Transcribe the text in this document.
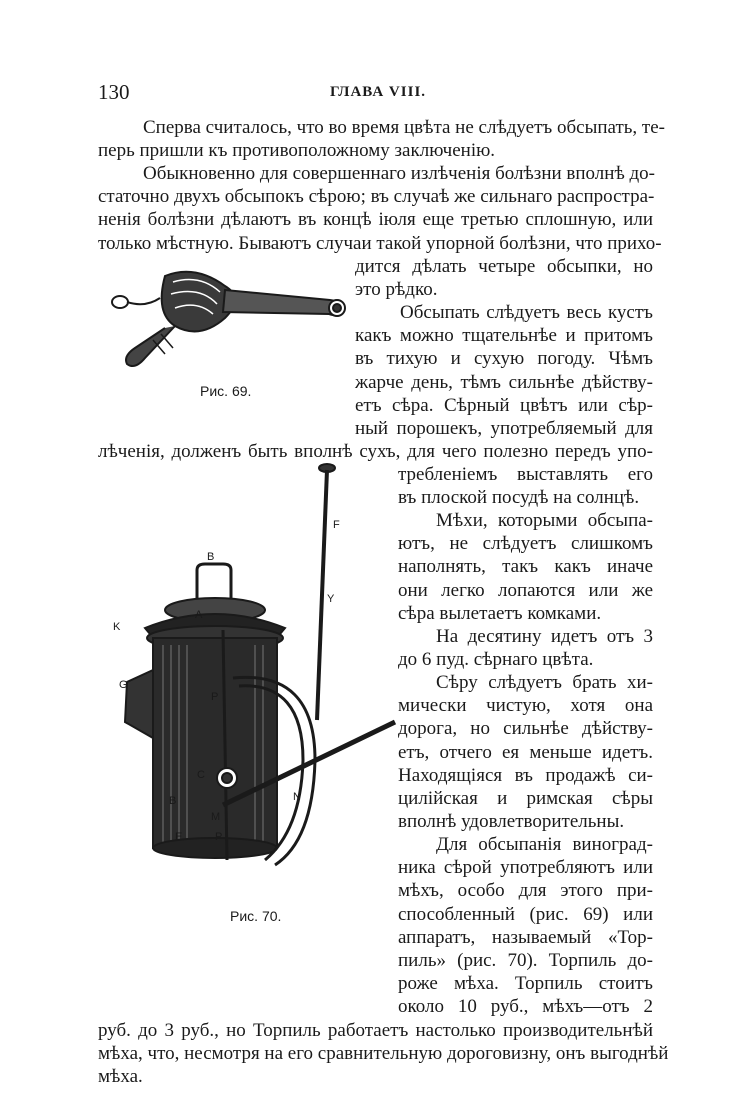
130	ГЛАВА VIII.
Сперва считалось, что во время цвѣта не слѣдуетъ обсыпать, те-
перь пришли къ противоположному заключенію.
Обыкновенно для совершеннаго излѣченія болѣзни вполнѣ до-
статочно двухъ обсыпокъ сѣрою; въ случаѣ же сильнаго распростра-
ненія болѣзни дѣлаютъ въ концѣ іюля еще третью сплошную, или
только мѣстную. Бываютъ случаи такой упорной болѣзни, что прихо-
дится дѣлать четыре обсыпки, но
это рѣдко.
Обсыпать слѣдуетъ весь кустъ
какъ можно тщательнѣе и притомъ
въ тихую и сухую погоду. Чѣмъ
жарче день, тѣмъ сильнѣе дѣйству-
етъ сѣра. Сѣрный цвѣтъ или сѣр-
ный порошекъ, употребляемый для
лѣченія, долженъ быть вполнѣ сухъ, для чего полезно передъ упо-
требленіемъ выставлять его
въ плоской посудѣ на солнцѣ.
Мѣхи, которыми обсыпа-
ютъ, не слѣдуетъ слишкомъ
наполнять, такъ какъ иначе
они легко лопаются или же
сѣра вылетаетъ комками.
На десятину идетъ отъ 3
до 6 пуд. сѣрнаго цвѣта.
Сѣру слѣдуетъ брать хи-
мически чистую, хотя она
дорога, но сильнѣе дѣйству-
етъ, отчего ея меньше идетъ.
Находящіяся въ продажѣ си-
цилійская и римская сѣры
вполнѣ удовлетворительны.
Для обсыпанія виноград-
ника сѣрой употребляютъ или
мѣхъ, особо для этого при-
способленный (рис. 69) или
аппаратъ, называемый «Тор-
пиль» (рис. 70). Торпиль до-
роже мѣха. Торпиль стоитъ
около 10 руб., мѣхъ—отъ 2
руб. до 3 руб., но Торпиль работаетъ настолько производительнѣй
мѣха, что, несмотря на его сравнительную дороговизну, онъ выгоднѣй
мѣха.
Рис. 69.
B
A
K
G
F
Y
P
C
B
M
N
E	P
Рис. 70.
